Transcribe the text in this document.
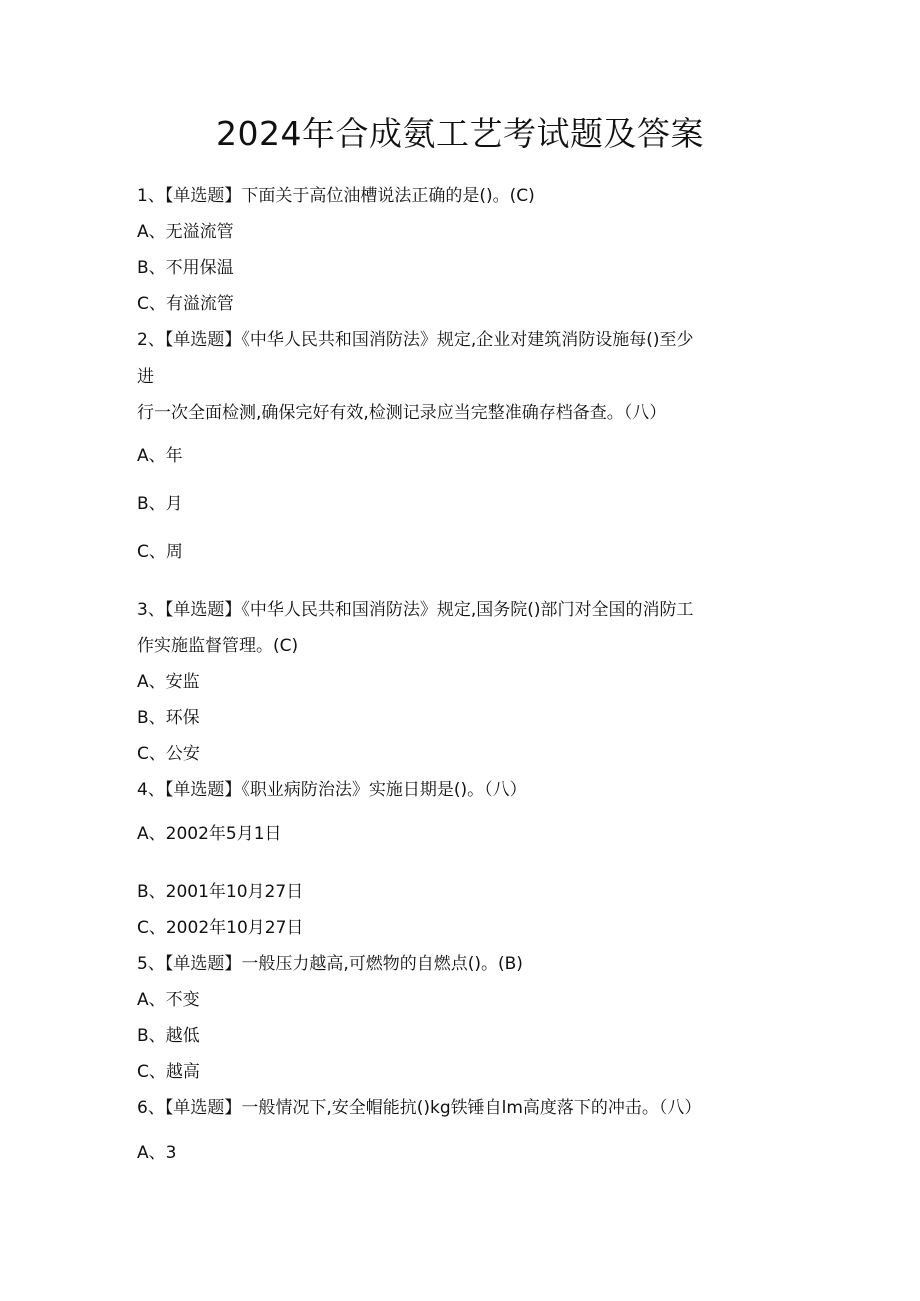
2024年合成氨工艺考试题及答案
1、【单选题】下面关于高位油槽说法正确的是()。(C)
A、无溢流管
B、不用保温
C、有溢流管
2、【单选题】《中华人民共和国消防法》规定,企业对建筑消防设施每()至少
进
行一次全面检测,确保完好有效,检测记录应当完整准确存档备查。（八）
A、年
B、月
C、周
3、【单选题】《中华人民共和国消防法》规定,国务院()部门对全国的消防工
作实施监督管理。(C)
A、安监
B、环保
C、公安
4、【单选题】《职业病防治法》实施日期是()。（八）
A、2002年5月1日
B、2001年10月27日
C、2002年10月27日
5、【单选题】一般压力越高,可燃物的自燃点()。(B)
A、不变
B、越低
C、越高
6、【单选题】一般情况下,安全帽能抗()kg铁锤自lm高度落下的冲击。（八）
A、3
